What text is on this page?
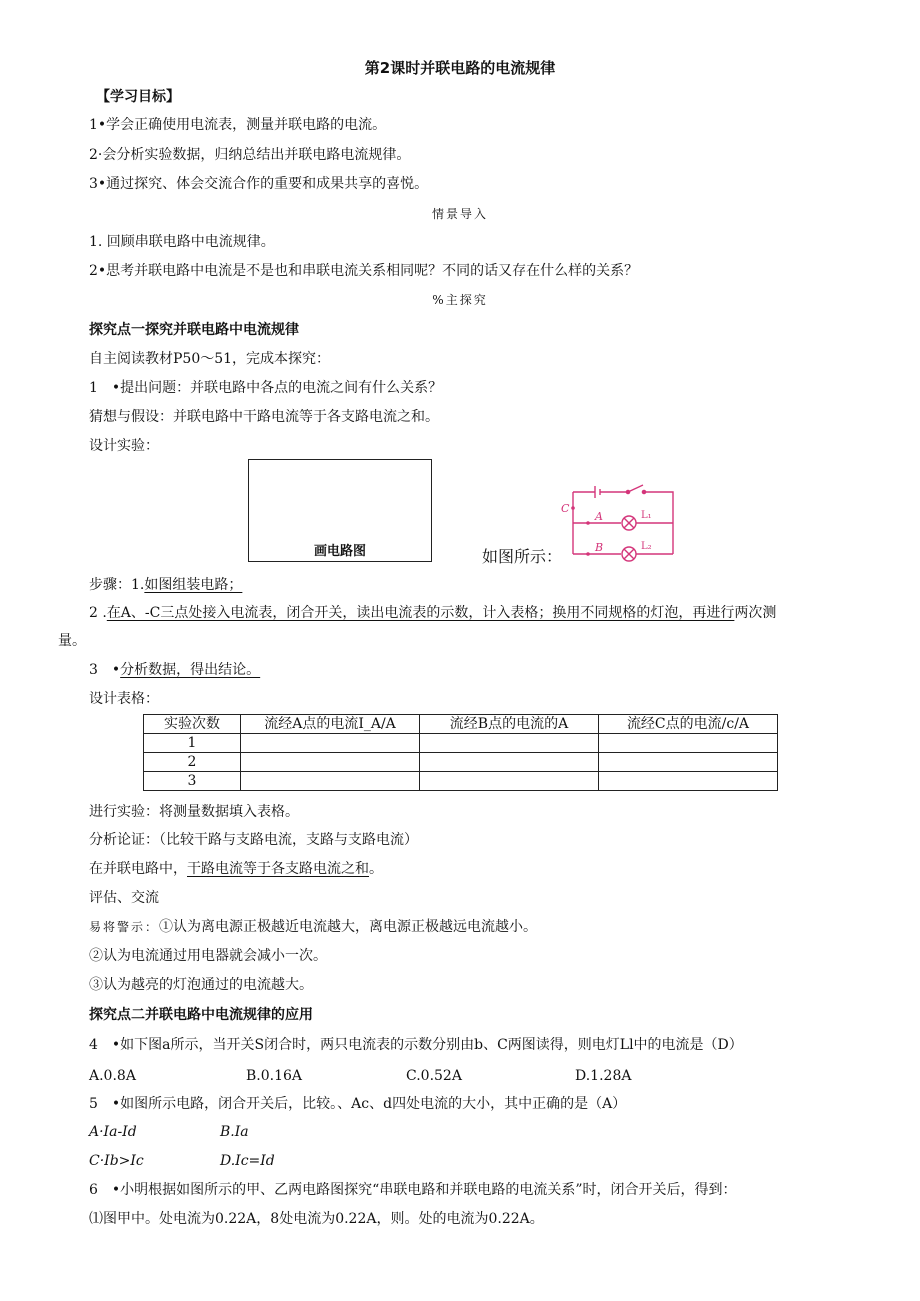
第2课时并联电路的电流规律
【学习目标】
1•学会正确使用电流表，测量并联电路的电流。
2·会分析实验数据，归纳总结出并联电路电流规律。
3•通过探究、体会交流合作的重要和成果共享的喜悦。
情景导入
1. 回顾串联电路中电流规律。
2•思考并联电路中电流是不是也和串联电流关系相同呢？不同的话又存在什么样的关系？
%主探究
探究点一探究并联电路中电流规律
自主阅读教材P50～51，完成本探究：
1　•提出问题：并联电路中各点的电流之间有什么关系？
猜想与假设：并联电路中干路电流等于各支路电流之和。
设计实验：
画电路图	如图所示：
C
A
B
L₁
L₂
步骤：1.如图组装电路；
2 .在A、-C三点处接入电流表，闭合开关，读出电流表的示数，计入表格；换用不同规格的灯泡，再进行两次测
量。
3　•分析数据，得出结论。
设计表格：
实验次数	流经A点的电流I_A/A	流经B点的电流的A	流经C点的电流/c/A
1			
2			
3			
进行实验：将测量数据填入表格。
分析论证：（比较干路与支路电流，支路与支路电流）
在并联电路中，干路电流等于各支路电流之和。
评估、交流
易将警示：①认为离电源正极越近电流越大，离电源正极越远电流越小。
②认为电流通过用电器就会减小一次。
③认为越亮的灯泡通过的电流越大。
探究点二并联电路中电流规律的应用
4　•如下图a所示，当开关S闭合时，两只电流表的示数分别由b、C两图读得，则电灯Ll中的电流是（D）
A.0.8A	B.0.16A	C.0.52A	D.1.28A
5　•如图所示电路，闭合开关后，比较。、Ac、d四处电流的大小，其中正确的是（A）
A·Ia-Id	B.Ia
C·Ib>Ic	D.Ic=Id
6　•小明根据如图所示的甲、乙两电路图探究“串联电路和并联电路的电流关系”时，闭合开关后，得到：
⑴图甲中。处电流为0.22A，8处电流为0.22A，则。处的电流为0.22A。
